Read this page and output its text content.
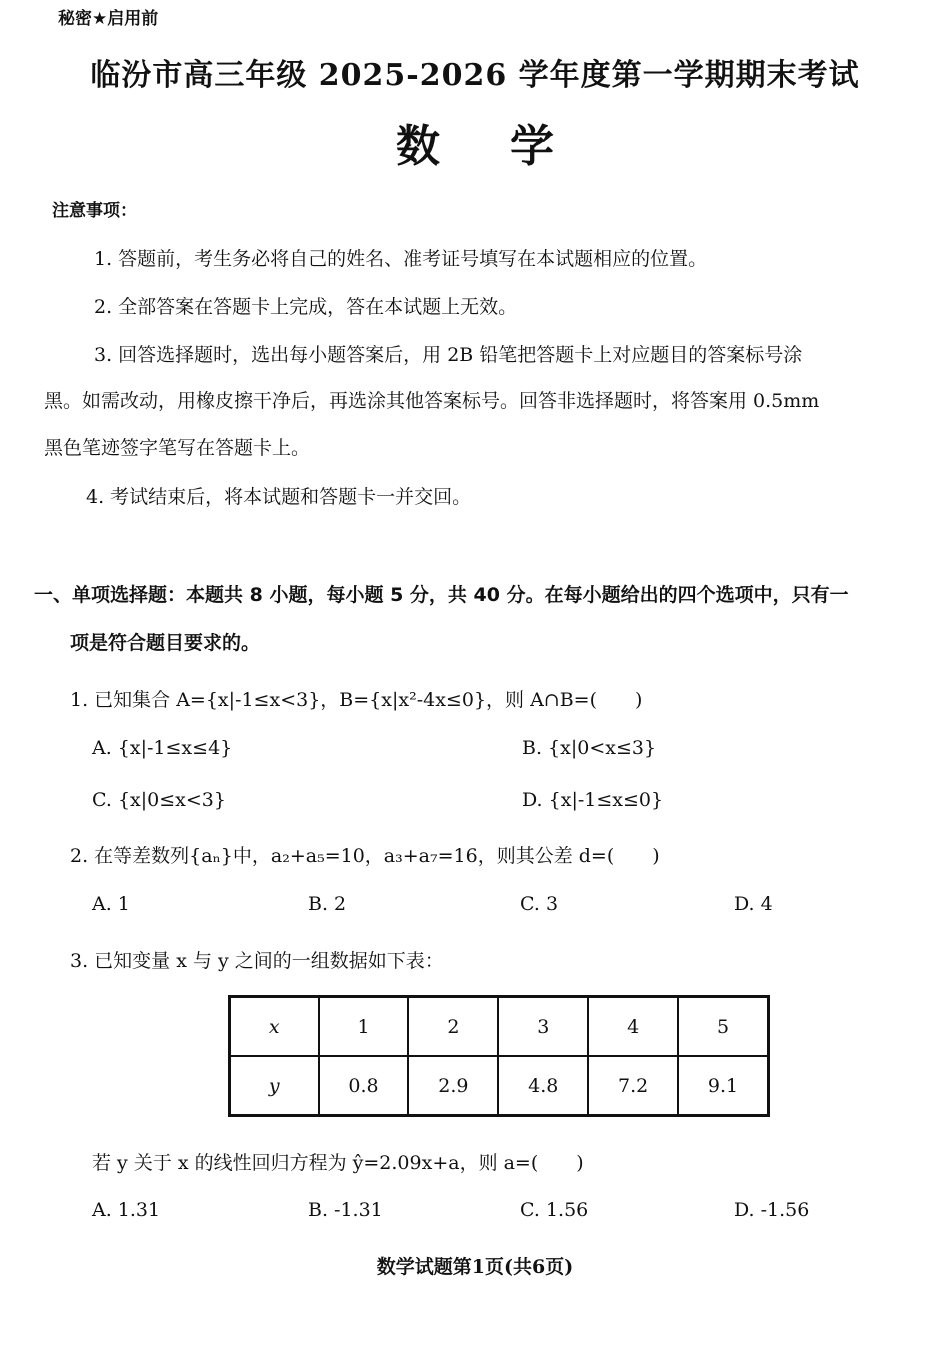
秘密★启用前
临汾市高三年级 2025-2026 学年度第一学期期末考试
数学
注意事项：
1. 答题前，考生务必将自己的姓名、准考证号填写在本试题相应的位置。
2. 全部答案在答题卡上完成，答在本试题上无效。
3. 回答选择题时，选出每小题答案后，用 2B 铅笔把答题卡上对应题目的答案标号涂
黑。如需改动，用橡皮擦干净后，再选涂其他答案标号。回答非选择题时，将答案用 0.5mm
黑色笔迹签字笔写在答题卡上。
4. 考试结束后，将本试题和答题卡一并交回。
一、单项选择题：本题共 8 小题，每小题 5 分，共 40 分。在每小题给出的四个选项中，只有一
项是符合题目要求的。
1. 已知集合 A={x|-1≤x<3}，B={x|x²-4x≤0}，则 A∩B=(　　)
A. {x|-1≤x≤4}	B. {x|0<x≤3}
C. {x|0≤x<3}	D. {x|-1≤x≤0}
2. 在等差数列{aₙ}中，a₂+a₅=10，a₃+a₇=16，则其公差 d=(　　)
A. 1	B. 2	C. 3	D. 4
3. 已知变量 x 与 y 之间的一组数据如下表：
x	1	2	3	4	5
y	0.8	2.9	4.8	7.2	9.1
若 y 关于 x 的线性回归方程为 ŷ=2.09x+a，则 a=(　　)
A. 1.31	B. -1.31	C. 1.56	D. -1.56
数学试题第1页(共6页)
